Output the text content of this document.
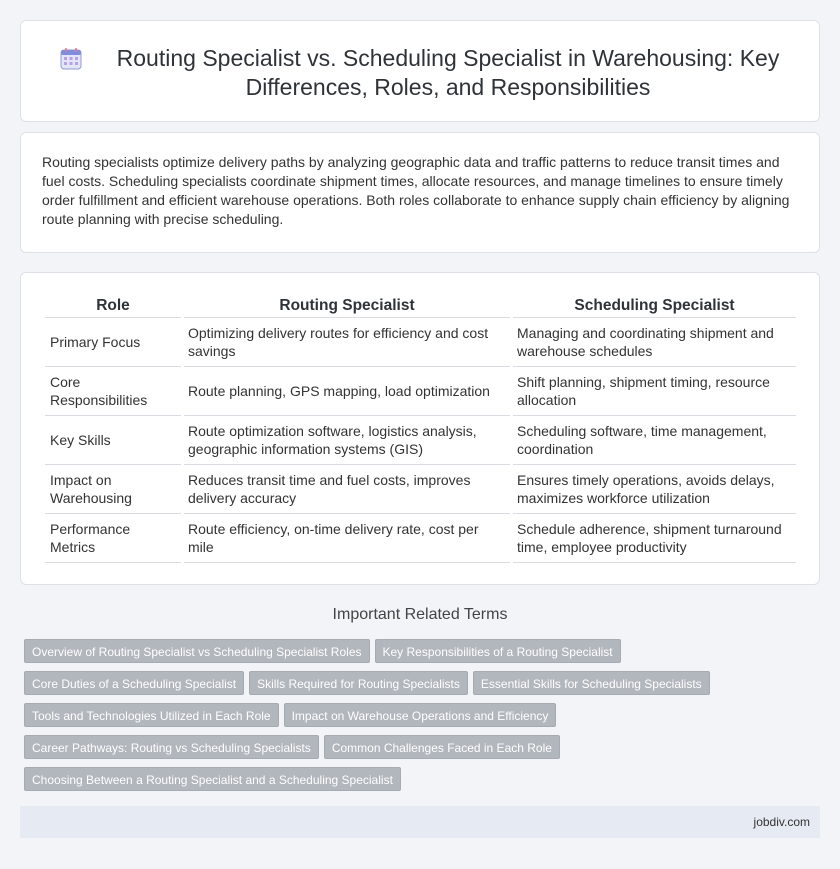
Routing Specialist vs. Scheduling Specialist in Warehousing: Key Differences, Roles, and Responsibilities

Routing specialists optimize delivery paths by analyzing geographic data and traffic patterns to reduce transit times and fuel costs. Scheduling specialists coordinate shipment times, allocate resources, and manage timelines to ensure timely order fulfillment and efficient warehouse operations. Both roles collaborate to enhance supply chain efficiency by aligning route planning with precise scheduling.

Role	Routing Specialist	Scheduling Specialist
Primary Focus	Optimizing delivery routes for efficiency and cost savings	Managing and coordinating shipment and warehouse schedules
Core Responsibilities	Route planning, GPS mapping, load optimization	Shift planning, shipment timing, resource allocation
Key Skills	Route optimization software, logistics analysis, geographic information systems (GIS)	Scheduling software, time management, coordination
Impact on Warehousing	Reduces transit time and fuel costs, improves delivery accuracy	Ensures timely operations, avoids delays, maximizes workforce utilization
Performance Metrics	Route efficiency, on-time delivery rate, cost per mile	Schedule adherence, shipment turnaround time, employee productivity
Important Related Terms
Overview of Routing Specialist vs Scheduling Specialist Roles Key Responsibilities of a Routing Specialist
Core Duties of a Scheduling Specialist Skills Required for Routing Specialists Essential Skills for Scheduling Specialists
Tools and Technologies Utilized in Each Role Impact on Warehouse Operations and Efficiency
Career Pathways: Routing vs Scheduling Specialists Common Challenges Faced in Each Role
Choosing Between a Routing Specialist and a Scheduling Specialist
jobdiv.com
